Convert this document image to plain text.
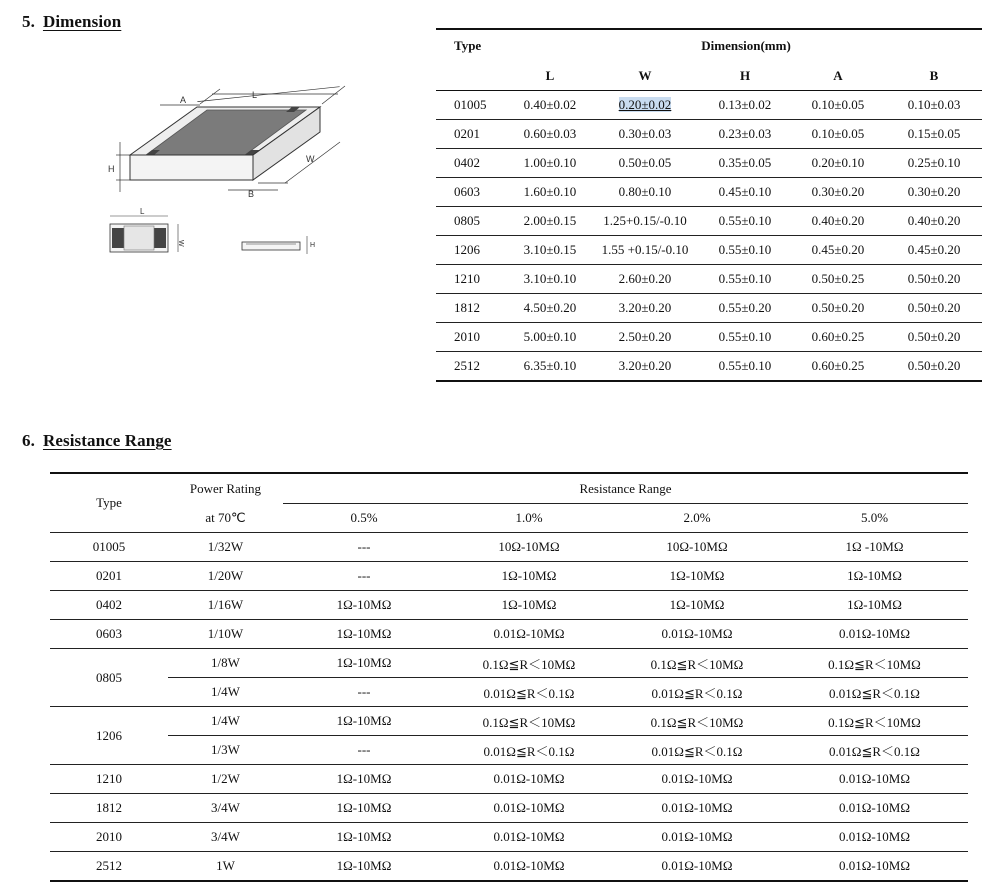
5. Dimension
L
A
W
H
B
L
W	H
Type	Dimension(mm)				
	L	W	H	A	B
01005	0.40±0.02	0.20±0.02	0.13±0.02	0.10±0.05	0.10±0.03
0201	0.60±0.03	0.30±0.03	0.23±0.03	0.10±0.05	0.15±0.05
0402	1.00±0.10	0.50±0.05	0.35±0.05	0.20±0.10	0.25±0.10
0603	1.60±0.10	0.80±0.10	0.45±0.10	0.30±0.20	0.30±0.20
0805	2.00±0.15	1.25+0.15/-0.10	0.55±0.10	0.40±0.20	0.40±0.20
1206	3.10±0.15	1.55 +0.15/-0.10	0.55±0.10	0.45±0.20	0.45±0.20
1210	3.10±0.10	2.60±0.20	0.55±0.10	0.50±0.25	0.50±0.20
1812	4.50±0.20	3.20±0.20	0.55±0.20	0.50±0.20	0.50±0.20
2010	5.00±0.10	2.50±0.20	0.55±0.10	0.60±0.25	0.50±0.20
2512	6.35±0.10	3.20±0.20	0.55±0.10	0.60±0.25	0.50±0.20
6. Resistance Range
Type	Power Rating	Resistance Range			
	at 70℃	0.5%	1.0%	2.0%	5.0%
01005	1/32W	---	10Ω-10MΩ	10Ω-10MΩ	1Ω -10MΩ
0201	1/20W	---	1Ω-10MΩ	1Ω-10MΩ	1Ω-10MΩ
0402	1/16W	1Ω-10MΩ	1Ω-10MΩ	1Ω-10MΩ	1Ω-10MΩ
0603	1/10W	1Ω-10MΩ	0.01Ω-10MΩ	0.01Ω-10MΩ	0.01Ω-10MΩ
0805	1/8W	1Ω-10MΩ	0.1Ω≦R＜10MΩ	0.1Ω≦R＜10MΩ	0.1Ω≦R＜10MΩ
	1/4W	---	0.01Ω≦R＜0.1Ω	0.01Ω≦R＜0.1Ω	0.01Ω≦R＜0.1Ω
1206	1/4W	1Ω-10MΩ	0.1Ω≦R＜10MΩ	0.1Ω≦R＜10MΩ	0.1Ω≦R＜10MΩ
	1/3W	---	0.01Ω≦R＜0.1Ω	0.01Ω≦R＜0.1Ω	0.01Ω≦R＜0.1Ω
1210	1/2W	1Ω-10MΩ	0.01Ω-10MΩ	0.01Ω-10MΩ	0.01Ω-10MΩ
1812	3/4W	1Ω-10MΩ	0.01Ω-10MΩ	0.01Ω-10MΩ	0.01Ω-10MΩ
2010	3/4W	1Ω-10MΩ	0.01Ω-10MΩ	0.01Ω-10MΩ	0.01Ω-10MΩ
2512	1W	1Ω-10MΩ	0.01Ω-10MΩ	0.01Ω-10MΩ	0.01Ω-10MΩ
